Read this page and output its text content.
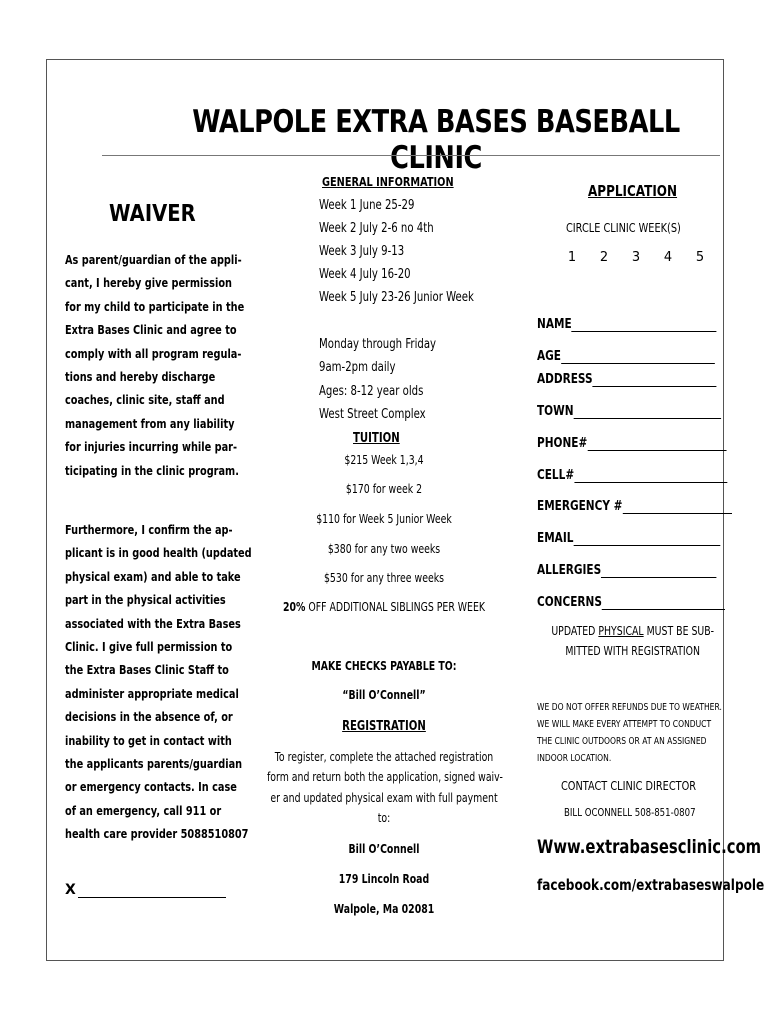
WALPOLE EXTRA BASES BASEBALL CLINIC
WAIVER
As parent/guardian of the appli-
cant, I hereby give permission
for my child to participate in the
Extra Bases Clinic and agree to
comply with all program regula-
tions and hereby discharge
coaches, clinic site, staff and
management from any liability
for injuries incurring while par-
ticipating in the clinic program.
Furthermore, I confirm the ap-
plicant is in good health (updated
physical exam) and able to take
part in the physical activities
associated with the Extra Bases
Clinic. I give full permission to
the Extra Bases Clinic Staff to
administer appropriate medical
decisions in the absence of, or
inability to get in contact with
the applicants parents/guardian
or emergency contacts. In case
of an emergency, call 911 or
health care provider 5088510807
X
GENERAL INFORMATION
Week 1 June 25-29
Week 2 July 2-6 no 4th
Week 3 July 9-13
Week 4 July 16-20
Week 5 July 23-26 Junior Week
Monday through Friday
9am-2pm daily
Ages: 8-12 year olds
West Street Complex
TUITION
$215 Week 1,3,4
$170 for week 2
$110 for Week 5 Junior Week
$380 for any two weeks
$530 for any three weeks
20% OFF ADDITIONAL SIBLINGS PER WEEK
MAKE CHECKS PAYABLE TO:
“Bill O’Connell”
REGISTRATION
To register, complete the attached registration
form and return both the application, signed waiv-
er and updated physical exam with full payment
to:
Bill O’Connell
179 Lincoln Road
Walpole, Ma 02081
APPLICATION
CIRCLE CLINIC WEEK(S)
1 2 3 4 5
NAME
AGE
ADDRESS
TOWN
PHONE#
CELL#
EMERGENCY #
EMAIL
ALLERGIES
CONCERNS
UPDATED PHYSICAL MUST BE SUB-
MITTED WITH REGISTRATION
WE DO NOT OFFER REFUNDS DUE TO WEATHER.
WE WILL MAKE EVERY ATTEMPT TO CONDUCT
THE CLINIC OUTDOORS OR AT AN ASSIGNED
INDOOR LOCATION.
CONTACT CLINIC DIRECTOR
BILL OCONNELL 508-851-0807
Www.extrabasesclinic.com
facebook.com/extrabaseswalpole
